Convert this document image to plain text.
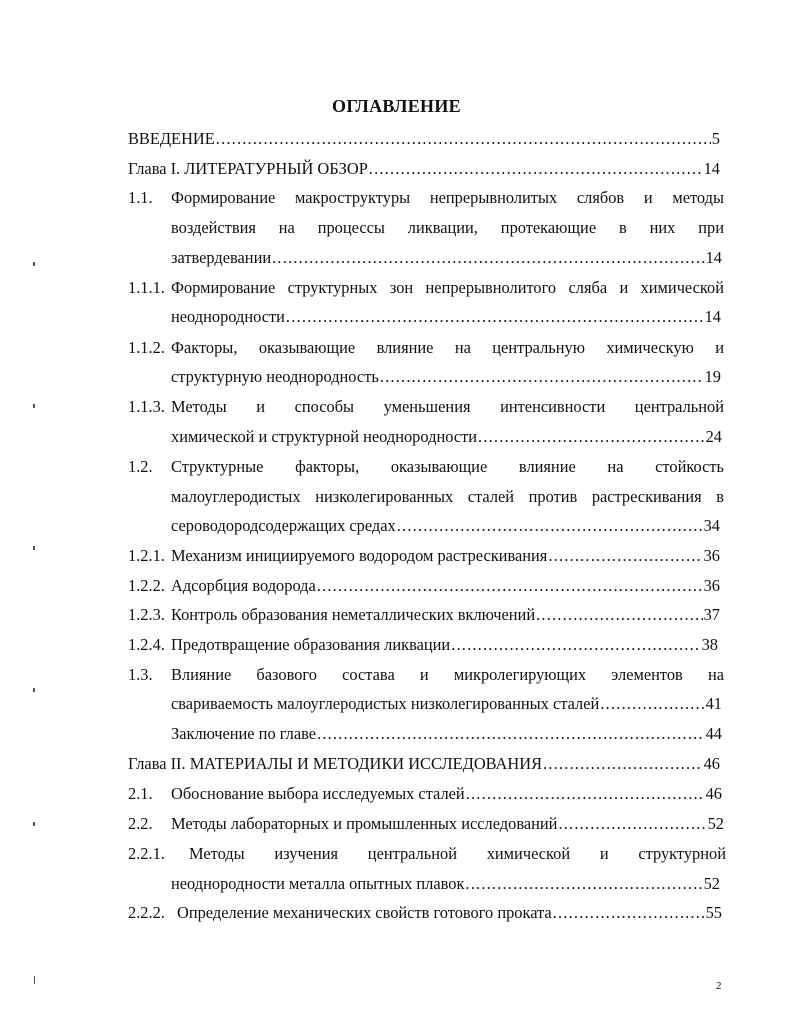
ОГЛАВЛЕНИЕ
ВВЕДЕНИЕ .....	5
Глава I. ЛИТЕРАТУРНЫЙ ОБЗОР .....	14
1.1. Формирование макроструктуры непрерывнолитых слябов и методы
воздействия на процессы ликвации, протекающие в них при
затвердевании .....	14
1.1.1. Формирование структурных зон непрерывнолитого сляба и химической
неоднородности .....	14
1.1.2. Факторы, оказывающие влияние на центральную химическую и
структурную неоднородность .....	19
1.1.3. Методы и способы уменьшения интенсивности центральной
химической и структурной неоднородности .....	24
1.2. Структурные факторы, оказывающие влияние на стойкость
малоуглеродистых низколегированных сталей против растрескивания в
сероводородсодержащих средах .....	34
1.2.1. Механизм инициируемого водородом растрескивания .....	36
1.2.2. Адсорбция водорода .....	36
1.2.3. Контроль образования неметаллических включений .....	37
1.2.4. Предотвращение образования ликвации .....	38
1.3. Влияние базового состава и микролегирующих элементов на
свариваемость малоуглеродистых низколегированных сталей .....	41
Заключение по главе .....	44
Глава II. МАТЕРИАЛЫ И МЕТОДИКИ ИССЛЕДОВАНИЯ .....	46
2.1. Обоснование выбора исследуемых сталей .....	46
2.2. Методы лабораторных и промышленных исследований .....	52
2.2.1. Методы изучения центральной химической и структурной
неоднородности металла опытных плавок .....	52
2.2.2. Определение механических свойств готового проката .....	55
2
